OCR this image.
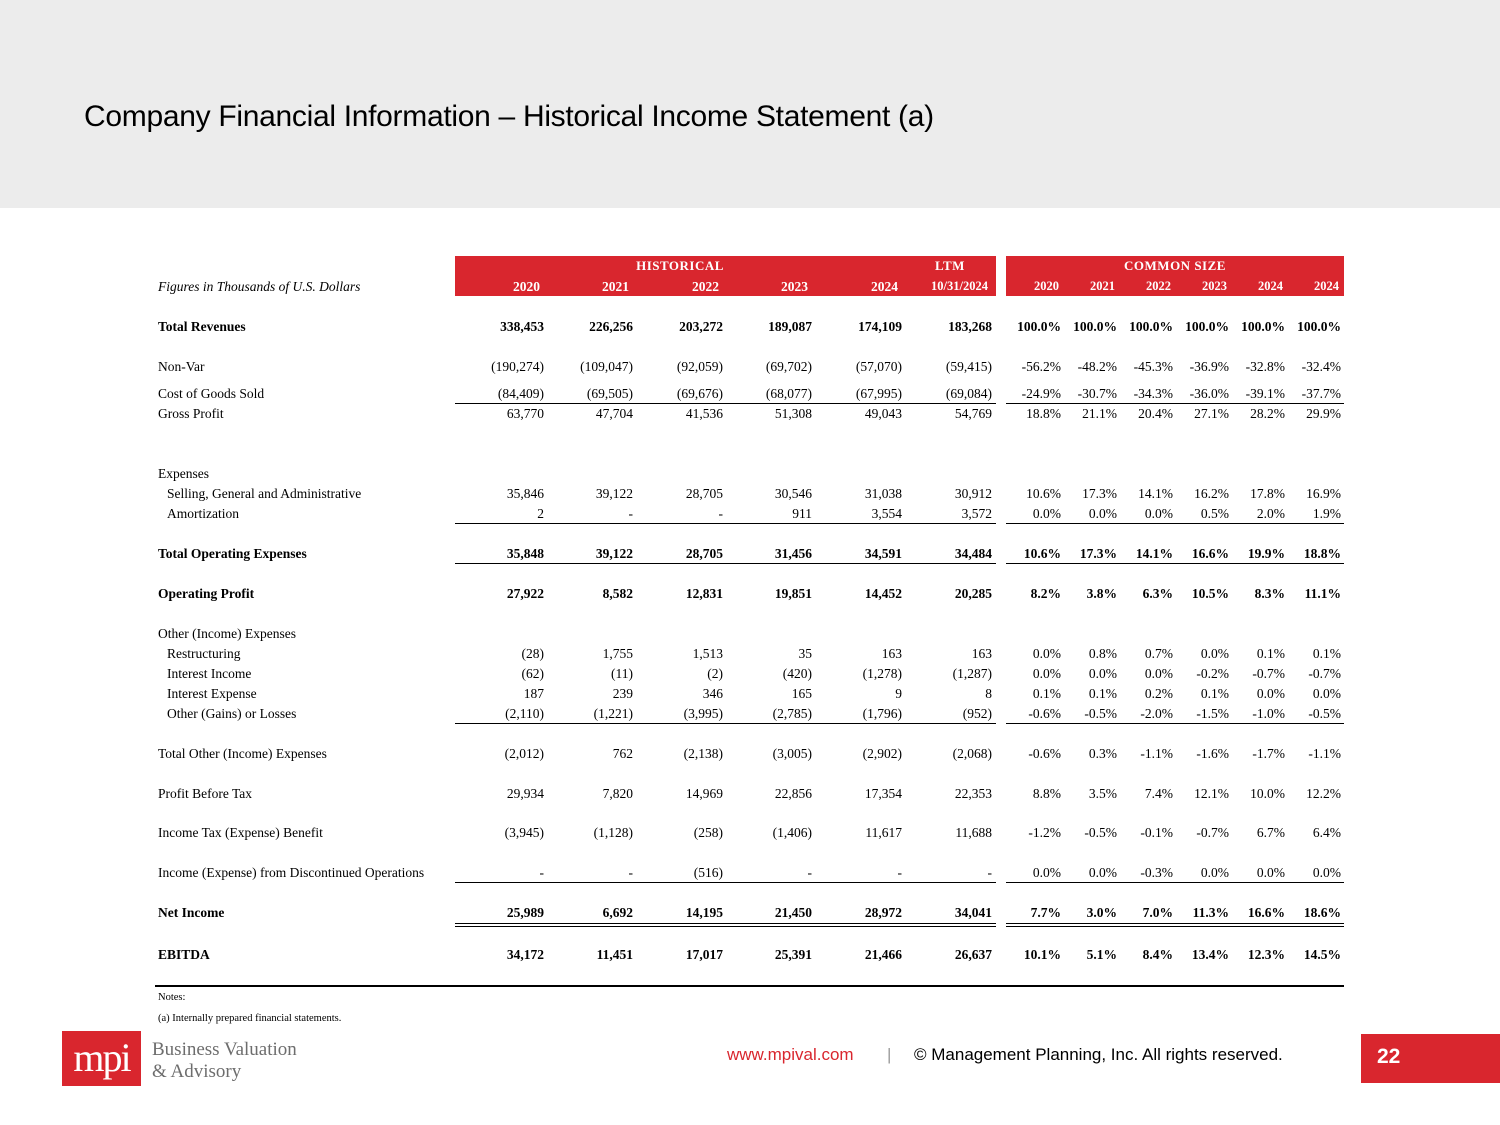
Company Financial Information – Historical Income Statement (a)
HISTORICAL	LTM	COMMON SIZE
2020	2021	2022	2023	2024	10/31/2024	2020	2021	2022	2023	2024	2024
Figures in Thousands of U.S. Dollars
Total Revenues	338,453	226,256	203,272	189,087	174,109	183,268 100.0% 100.0% 100.0% 100.0% 100.0% 100.0%
Non-Var	(190,274)	(109,047)	(92,059)	(69,702)	(57,070)	(59,415) -56.2% -48.2% -45.3% -36.9% -32.8% -32.4%
Cost of Goods Sold	(84,409)	(69,505)	(69,676)	(68,077)	(67,995)	(69,084) -24.9% -30.7% -34.3% -36.0% -39.1% -37.7%
Gross Profit	63,770	47,704	41,536	51,308	49,043	54,769	18.8% 21.1% 20.4% 27.1% 28.2% 29.9%
Expenses
Selling, General and Administrative	35,846	39,122	28,705	30,546	31,038	30,912	10.6% 17.3% 14.1% 16.2% 17.8% 16.9%
Amortization	2	-	-	911	3,554	3,572	0.0% 0.0% 0.0% 0.5% 2.0% 1.9%
Total Operating Expenses	35,848	39,122	28,705	31,456	34,591	34,484 10.6% 17.3% 14.1% 16.6% 19.9% 18.8%
Operating Profit	27,922	8,582	12,831	19,851	14,452	20,285	8.2% 3.8% 6.3% 10.5% 8.3% 11.1%
Other (Income) Expenses
Restructuring	(28)	1,755	1,513	35	163	163	0.0% 0.8% 0.7% 0.0% 0.1% 0.1%
Interest Income	(62)	(11)	(2)	(420)	(1,278)	(1,287)	0.0% 0.0% 0.0% -0.2% -0.7% -0.7%
Interest Expense	187	239	346	165	9	8	0.1% 0.1% 0.2% 0.1% 0.0% 0.0%
Other (Gains) or Losses	(2,110)	(1,221)	(3,995)	(2,785)	(1,796)	(952)	-0.6% -0.5% -2.0% -1.5% -1.0% -0.5%
Total Other (Income) Expenses	(2,012)	762	(2,138)	(3,005)	(2,902)	(2,068)	-0.6% 0.3% -1.1% -1.6% -1.7% -1.1%
Profit Before Tax	29,934	7,820	14,969	22,856	17,354	22,353	8.8% 3.5% 7.4% 12.1% 10.0% 12.2%
Income Tax (Expense) Benefit	(3,945)	(1,128)	(258)	(1,406)	11,617	11,688	-1.2% -0.5% -0.1% -0.7% 6.7% 6.4%
Income (Expense) from Discontinued Operations	-	-	(516)	-	-	-	0.0% 0.0% -0.3% 0.0% 0.0% 0.0%
Net Income	25,989	6,692	14,195	21,450	28,972	34,041	7.7% 3.0% 7.0% 11.3% 16.6% 18.6%
EBITDA	34,172	11,451	17,017	25,391	21,466	26,637 10.1% 5.1% 8.4% 13.4% 12.3% 14.5%
Notes:
(a) Internally prepared financial statements.
mpi	Business Valuation
& Advisory
www.mpival.com | © Management Planning, Inc. All rights reserved.	22
